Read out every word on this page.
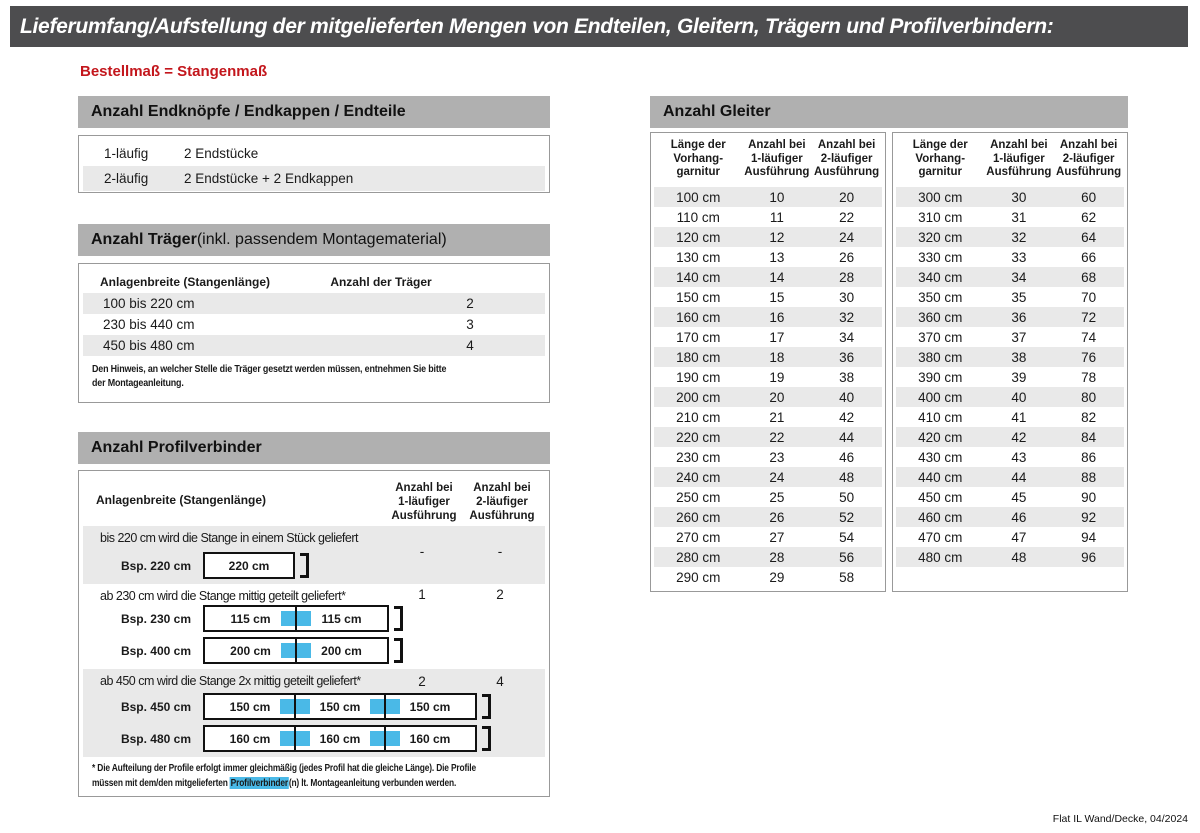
Lieferumfang/Aufstellung der mitgelieferten Mengen von Endteilen, Gleitern, Trägern und Profilverbindern:
Bestellmaß = Stangenmaß
Anzahl Endknöpfe / Endkappen / Endteile
1-läufig	2 Endstücke
2-läufig	2 Endstücke + 2 Endkappen
Anzahl Träger (inkl. passendem Montagematerial)
Anlagenbreite (Stangenlänge)	Anzahl der Träger
100 bis 220 cm	2
230 bis 440 cm	3
450 bis 480 cm	4
Den Hinweis, an welcher Stelle die Träger gesetzt werden müssen, entnehmen Sie bitte
der Montageanleitung.
Anzahl Profilverbinder
Anlagenbreite (Stangenlänge)
Anzahl bei
1-läufiger
Ausführung
Anzahl bei
2-läufiger
Ausführung
bis 220 cm wird die Stange in einem Stück geliefert
-	-
Bsp. 220 cm	220 cm
ab 230 cm wird die Stange mittig geteilt geliefert*	1	2
Bsp. 230 cm	115 cm	115 cm
Bsp. 400 cm	200 cm	200 cm
ab 450 cm wird die Stange 2x mittig geteilt geliefert*	2	4
Bsp. 450 cm	150 cm	150 cm	150 cm
Bsp. 480 cm	160 cm	160 cm	160 cm
* Die Aufteilung der Profile erfolgt immer gleichmäßig (jedes Profil hat die gleiche Länge). Die Profile
müssen mit dem/den mitgelieferten Profilverbinder(n) lt. Montageanleitung verbunden werden.
Anzahl Gleiter
Länge der
Vorhang-
garnitur
Anzahl bei
1-läufiger
Ausführung
Anzahl bei
2-läufiger
Ausführung
100 cm	10	20
110 cm	11	22
120 cm	12	24
130 cm	13	26
140 cm	14	28
150 cm	15	30
160 cm	16	32
170 cm	17	34
180 cm	18	36
190 cm	19	38
200 cm	20	40
210 cm	21	42
220 cm	22	44
230 cm	23	46
240 cm	24	48
250 cm	25	50
260 cm	26	52
270 cm	27	54
280 cm	28	56
290 cm	29	58
Länge der
Vorhang-
garnitur
Anzahl bei
1-läufiger
Ausführung
Anzahl bei
2-läufiger
Ausführung
300 cm	30	60
310 cm	31	62
320 cm	32	64
330 cm	33	66
340 cm	34	68
350 cm	35	70
360 cm	36	72
370 cm	37	74
380 cm	38	76
390 cm	39	78
400 cm	40	80
410 cm	41	82
420 cm	42	84
430 cm	43	86
440 cm	44	88
450 cm	45	90
460 cm	46	92
470 cm	47	94
480 cm	48	96
Flat IL Wand/Decke, 04/2024
